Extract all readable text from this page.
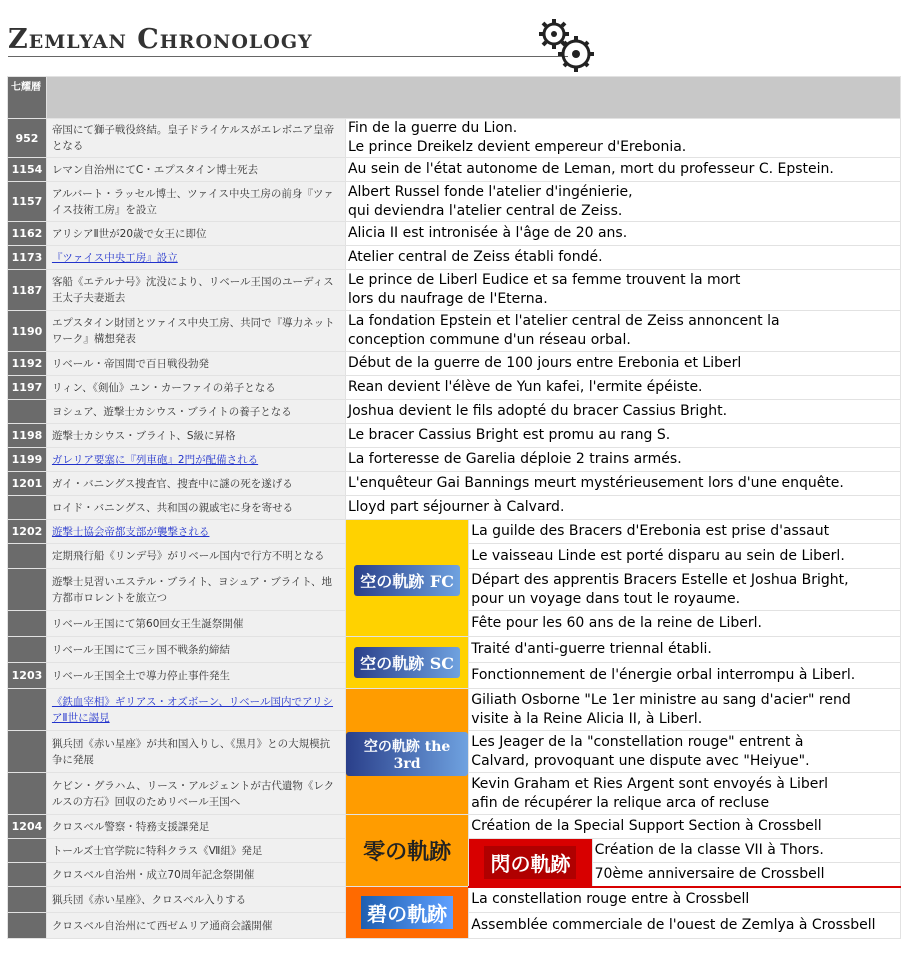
Zemlyan Chronology
七耀暦				
952	帝国にて獅子戦役終結。皇子ドライケルスがエレボニア皇帝となる	Fin de la guerre du Lion.
Le prince Dreikelz devient empereur d'Erebonia.		
1154	レマン自治州にてC・エプスタイン博士死去	Au sein de l'état autonome de Leman, mort du professeur C. Epstein.		
1157	アルバート・ラッセル博士、ツァイス中央工房の前身『ツァイス技術工房』を設立	Albert Russel fonde l'atelier d'ingénierie,
qui deviendra l'atelier central de Zeiss.		
1162	アリシアⅡ世が20歳で女王に即位	Alicia II est intronisée à l'âge de 20 ans.		
1173	『ツァイス中央工房』設立	Atelier central de Zeiss établi fondé.		
1187	客船《エテルナ号》沈没により、リベール王国のユーディス王太子夫妻逝去	Le prince de Liberl Eudice et sa femme trouvent la mort
lors du naufrage de l'Eterna.		
1190	エプスタイン財団とツァイス中央工房、共同で『導力ネットワーク』構想発表	La fondation Epstein et l'atelier central de Zeiss annoncent la
conception commune d'un réseau orbal.		
1192	リベール・帝国間で百日戦役勃発	Début de la guerre de 100 jours entre Erebonia et Liberl		
1197	リィン、《剣仙》ユン・カーファイの弟子となる	Rean devient l'élève de Yun kafei, l'ermite épéiste.		
	ヨシュア、遊撃士カシウス・ブライトの養子となる	Joshua devient le fils adopté du bracer Cassius Bright.		
1198	遊撃士カシウス・ブライト、S級に昇格	Le bracer Cassius Bright est promu au rang S.		
1199	ガレリア要塞に『列車砲』2門が配備される	La forteresse de Garelia déploie 2 trains armés.		
1201	ガイ・バニングス捜査官、捜査中に謎の死を遂げる	L'enquêteur Gai Bannings meurt mystérieusement lors d'une enquête.		
	ロイド・バニングス、共和国の親戚宅に身を寄せる	Lloyd part séjourner à Calvard.		
1202	遊撃士協会帝都支部が襲撃される	空の軌跡 FC	La guilde des Bracers d'Erebonia est prise d'assaut	
	定期飛行船《リンデ号》がリベール国内で行方不明となる		Le vaisseau Linde est porté disparu au sein de Liberl.	
	遊撃士見習いエステル・ブライト、ヨシュア・ブライト、地方都市ロレントを旅立つ		Départ des apprentis Bracers Estelle et Joshua Bright,
pour un voyage dans tout le royaume.	
	リベール王国にて第60回女王生誕祭開催		Fête pour les 60 ans de la reine de Liberl.	
	リベール王国にて三ヶ国不戦条約締結	空の軌跡 SC	Traité d'anti-guerre triennal établi.	
1203	リベール王国全土で導力停止事件発生		Fonctionnement de l'énergie orbal interrompu à Liberl.	
	《鉄血宰相》ギリアス・オズボーン、リベール国内でアリシアⅡ世に謁見	空の軌跡 the 3rd	Giliath Osborne "Le 1er ministre au sang d'acier" rend
visite à la Reine Alicia II, à Liberl.	
	猟兵団《赤い星座》が共和国入りし、《黒月》との大規模抗争に発展		Les Jeager de la "constellation rouge" entrent à
Calvard, provoquant une dispute avec "Heiyue".	
	ケビン・グラハム、リース・アルジェントが古代遺物《レクルスの方石》回収のためリベール王国へ		Kevin Graham et Ries Argent sont envoyés à Liberl
afin de récupérer la relique arca of recluse	
1204	クロスベル警察・特務支援課発足	零の軌跡	Création de la Special Support Section à Crossbell	
	トールズ士官学院に特科クラス《Ⅶ組》発足		閃の軌跡	Création de la classe VII à Thors.
	クロスベル自治州・成立70周年記念祭開催			70ème anniversaire de Crossbell
	猟兵団《赤い星座》、クロスベル入りする	碧の軌跡	La constellation rouge entre à Crossbell	
	クロスベル自治州にて西ゼムリア通商会議開催		Assemblée commerciale de l'ouest de Zemlya à Crossbell	
